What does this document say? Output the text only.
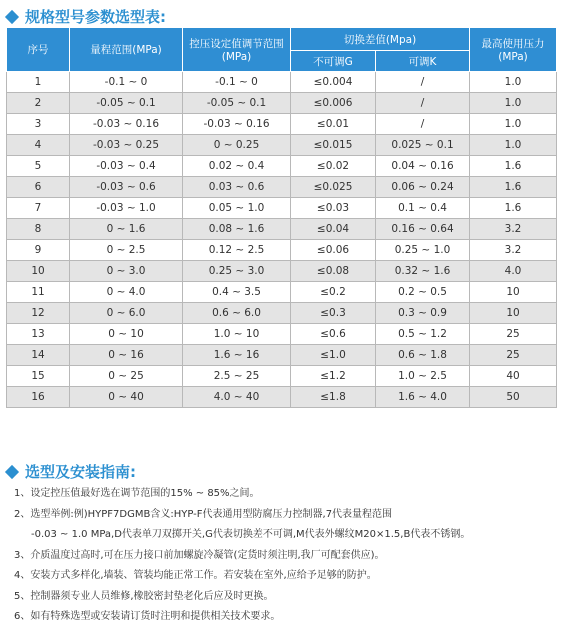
规格型号参数选型表:
序号	量程范围(MPa)	控压设定值调节范围(MPa)	切换差值(Mpa)		最高使用压力(MPa)
			不可调G	可调K	
1	-0.1 ~ 0	-0.1 ~ 0	≤0.004	/	1.0
2	-0.05 ~ 0.1	-0.05 ~ 0.1	≤0.006	/	1.0
3	-0.03 ~ 0.16	-0.03 ~ 0.16	≤0.01	/	1.0
4	-0.03 ~ 0.25	0 ~ 0.25	≤0.015	0.025 ~ 0.1	1.0
5	-0.03 ~ 0.4	0.02 ~ 0.4	≤0.02	0.04 ~ 0.16	1.6
6	-0.03 ~ 0.6	0.03 ~ 0.6	≤0.025	0.06 ~ 0.24	1.6
7	-0.03 ~ 1.0	0.05 ~ 1.0	≤0.03	0.1 ~ 0.4	1.6
8	0 ~ 1.6	0.08 ~ 1.6	≤0.04	0.16 ~ 0.64	3.2
9	0 ~ 2.5	0.12 ~ 2.5	≤0.06	0.25 ~ 1.0	3.2
10	0 ~ 3.0	0.25 ~ 3.0	≤0.08	0.32 ~ 1.6	4.0
11	0 ~ 4.0	0.4 ~ 3.5	≤0.2	0.2 ~ 0.5	10
12	0 ~ 6.0	0.6 ~ 6.0	≤0.3	0.3 ~ 0.9	10
13	0 ~ 10	1.0 ~ 10	≤0.6	0.5 ~ 1.2	25
14	0 ~ 16	1.6 ~ 16	≤1.0	0.6 ~ 1.8	25
15	0 ~ 25	2.5 ~ 25	≤1.2	1.0 ~ 2.5	40
16	0 ~ 40	4.0 ~ 40	≤1.8	1.6 ~ 4.0	50
选型及安装指南:
1、设定控压值最好选在调节范围的15% ~ 85%之间。
2、选型举例:例)HYPF7DGMB含义:HYP-F代表通用型防腐压力控制器,7代表量程范围
-0.03 ~ 1.0 MPa,D代表单刀双掷开关,G代表切换差不可调,M代表外螺纹M20×1.5,B代表不锈钢。
3、介质温度过高时,可在压力接口前加螺旋冷凝管(定货时须注明,我厂可配套供应)。
4、安装方式多样化,墙装、管装均能正常工作。若安装在室外,应给予足够的防护。
5、控制器须专业人员维修,橡胶密封垫老化后应及时更换。
6、如有特殊选型或安装请订货时注明和提供相关技术要求。
